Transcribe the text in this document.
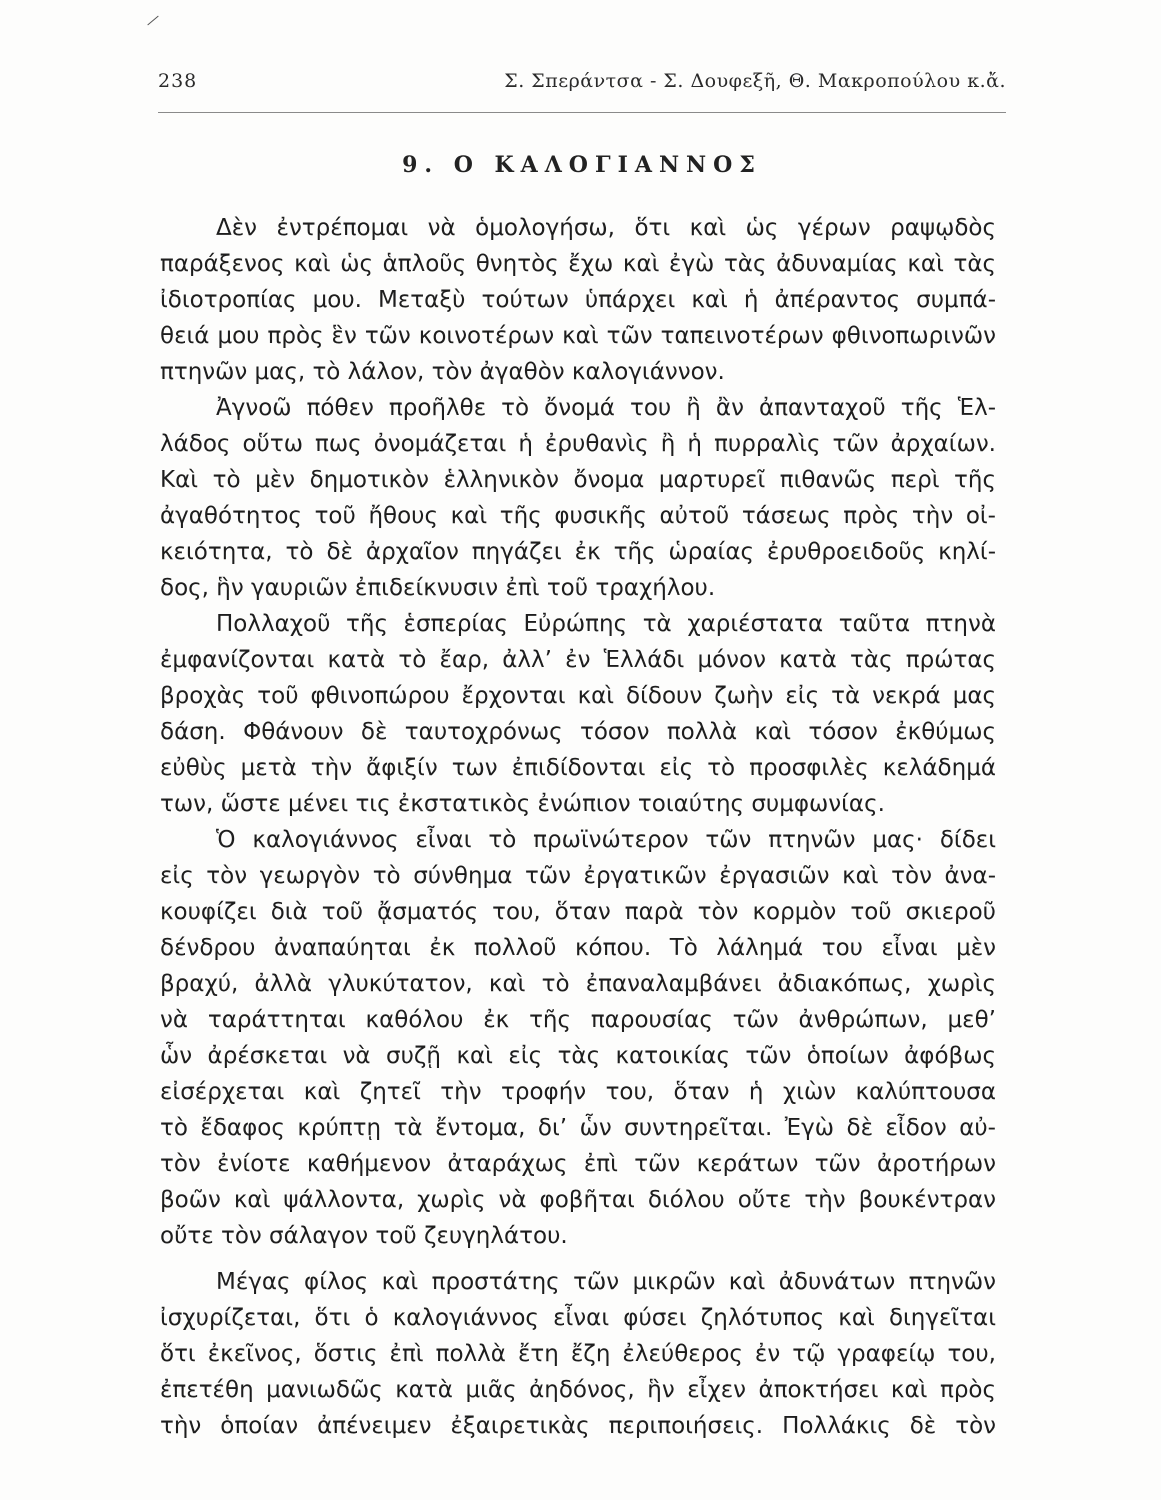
238	Σ. Σπεράντσα - Σ. Δουφεξῆ, Θ. Μακροπούλου κ.ἄ.
9. Ο ΚΑΛΟΓΙΑΝΝΟΣ
Δὲν ἐντρέπομαι νὰ ὁμολογήσω, ὅτι καὶ ὡς γέρων ραψῳδὸς
παράξενος καὶ ὡς ἁπλοῦς θνητὸς ἔχω καὶ ἐγὼ τὰς ἀδυναμίας καὶ τὰς
ἰδιοτροπίας μου. Μεταξὺ τούτων ὑπάρχει καὶ ἡ ἀπέραντος συμπά-
θειά μου πρὸς ἓν τῶν κοινοτέρων καὶ τῶν ταπεινοτέρων φθινοπωρινῶν
πτηνῶν μας, τὸ λάλον, τὸν ἀγαθὸν καλογιάννον.
Ἀγνοῶ πόθεν προῆλθε τὸ ὄνομά του ἢ ἂν ἀπανταχοῦ τῆς Ἑλ-
λάδος οὕτω πως ὀνομάζεται ἡ ἐρυθανὶς ἢ ἡ πυρραλὶς τῶν ἀρχαίων.
Καὶ τὸ μὲν δημοτικὸν ἑλληνικὸν ὄνομα μαρτυρεῖ πιθανῶς περὶ τῆς
ἀγαθότητος τοῦ ἤθους καὶ τῆς φυσικῆς αὐτοῦ τάσεως πρὸς τὴν οἰ-
κειότητα, τὸ δὲ ἀρχαῖον πηγάζει ἐκ τῆς ὡραίας ἐρυθροειδοῦς κηλί-
δος, ἣν γαυριῶν ἐπιδείκνυσιν ἐπὶ τοῦ τραχήλου.
Πολλαχοῦ τῆς ἑσπερίας Εὐρώπης τὰ χαριέστατα ταῦτα πτηνὰ
ἐμφανίζονται κατὰ τὸ ἔαρ, ἀλλ’ ἐν Ἑλλάδι μόνον κατὰ τὰς πρώτας
βροχὰς τοῦ φθινοπώρου ἔρχονται καὶ δίδουν ζωὴν εἰς τὰ νεκρά μας
δάση. Φθάνουν δὲ ταυτοχρόνως τόσον πολλὰ καὶ τόσον ἐκθύμως
εὐθὺς μετὰ τὴν ἄφιξίν των ἐπιδίδονται εἰς τὸ προσφιλὲς κελάδημά
των, ὥστε μένει τις ἐκστατικὸς ἐνώπιον τοιαύτης συμφωνίας.
Ὁ καλογιάννος εἶναι τὸ πρωϊνώτερον τῶν πτηνῶν μας· δίδει
εἰς τὸν γεωργὸν τὸ σύνθημα τῶν ἐργατικῶν ἐργασιῶν καὶ τὸν ἀνα-
κουφίζει διὰ τοῦ ᾄσματός του, ὅταν παρὰ τὸν κορμὸν τοῦ σκιεροῦ
δένδρου ἀναπαύηται ἐκ πολλοῦ κόπου. Τὸ λάλημά του εἶναι μὲν
βραχύ, ἀλλὰ γλυκύτατον, καὶ τὸ ἐπαναλαμβάνει ἀδιακόπως, χωρὶς
νὰ ταράττηται καθόλου ἐκ τῆς παρουσίας τῶν ἀνθρώπων, μεθ’
ὧν ἀρέσκεται νὰ συζῇ καὶ εἰς τὰς κατοικίας τῶν ὁποίων ἀφόβως
εἰσέρχεται καὶ ζητεῖ τὴν τροφήν του, ὅταν ἡ χιὼν καλύπτουσα
τὸ ἔδαφος κρύπτῃ τὰ ἔντομα, δι’ ὧν συντηρεῖται. Ἐγὼ δὲ εἶδον αὐ-
τὸν ἐνίοτε καθήμενον ἀταράχως ἐπὶ τῶν κεράτων τῶν ἀροτήρων
βοῶν καὶ ψάλλοντα, χωρὶς νὰ φοβῆται διόλου οὔτε τὴν βουκέντραν
οὔτε τὸν σάλαγον τοῦ ζευγηλάτου.
Μέγας φίλος καὶ προστάτης τῶν μικρῶν καὶ ἀδυνάτων πτηνῶν
ἰσχυρίζεται, ὅτι ὁ καλογιάννος εἶναι φύσει ζηλότυπος καὶ διηγεῖται
ὅτι ἐκεῖνος, ὅστις ἐπὶ πολλὰ ἔτη ἔζη ἐλεύθερος ἐν τῷ γραφείῳ του,
ἐπετέθη μανιωδῶς κατὰ μιᾶς ἀηδόνος, ἣν εἶχεν ἀποκτήσει καὶ πρὸς
τὴν ὁποίαν ἀπένειμεν ἐξαιρετικὰς περιποιήσεις. Πολλάκις δὲ τὸν
